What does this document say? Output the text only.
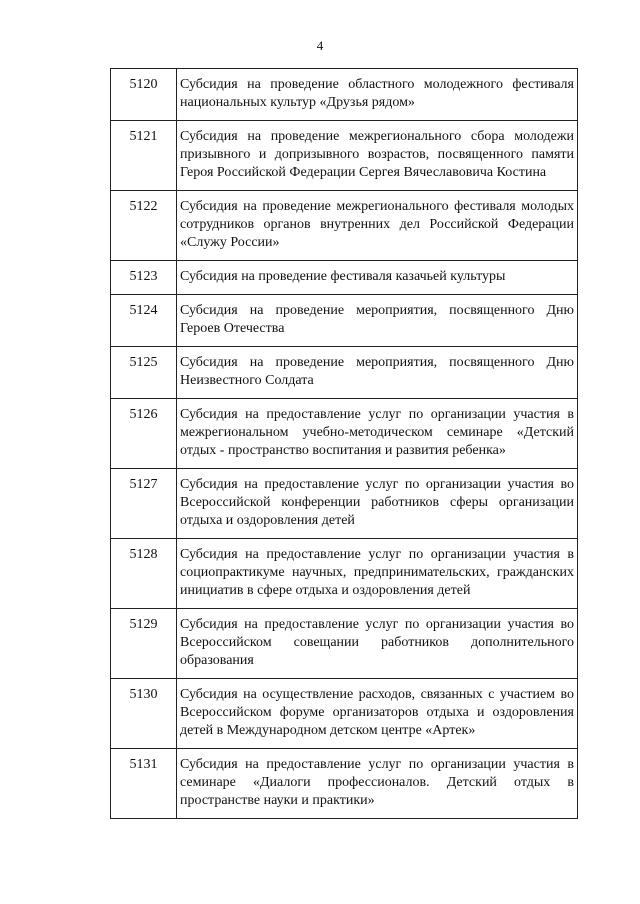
4
5120	Субсидия на проведение областного молодежного фестиваля национальных культур «Друзья рядом»
5121	Субсидия на проведение межрегионального сбора молодежи призывного и допризывного возрастов, посвященного памяти Героя Российской Федерации Сергея Вячеславовича Костина
5122	Субсидия на проведение межрегионального фестиваля молодых сотрудников органов внутренних дел Российской Федерации «Служу России»
5123	Субсидия на проведение фестиваля казачьей культуры
5124	Субсидия на проведение мероприятия, посвященного Дню Героев Отечества
5125	Субсидия на проведение мероприятия, посвященного Дню Неизвестного Солдата
5126	Субсидия на предоставление услуг по организации участия в межрегиональном учебно-методическом семинаре «Детский отдых - пространство воспитания и развития ребенка»
5127	Субсидия на предоставление услуг по организации участия во Всероссийской конференции работников сферы организации отдыха и оздоровления детей
5128	Субсидия на предоставление услуг по организации участия в социопрактикуме научных, предпринимательских, гражданских инициатив в сфере отдыха и оздоровления детей
5129	Субсидия на предоставление услуг по организации участия во Всероссийском совещании работников дополнительного образования
5130	Субсидия на осуществление расходов, связанных с участием во Всероссийском форуме организаторов отдыха и оздоровления детей в Международном детском центре «Артек»
5131	Субсидия на предоставление услуг по организации участия в семинаре «Диалоги профессионалов. Детский отдых в пространстве науки и практики»
